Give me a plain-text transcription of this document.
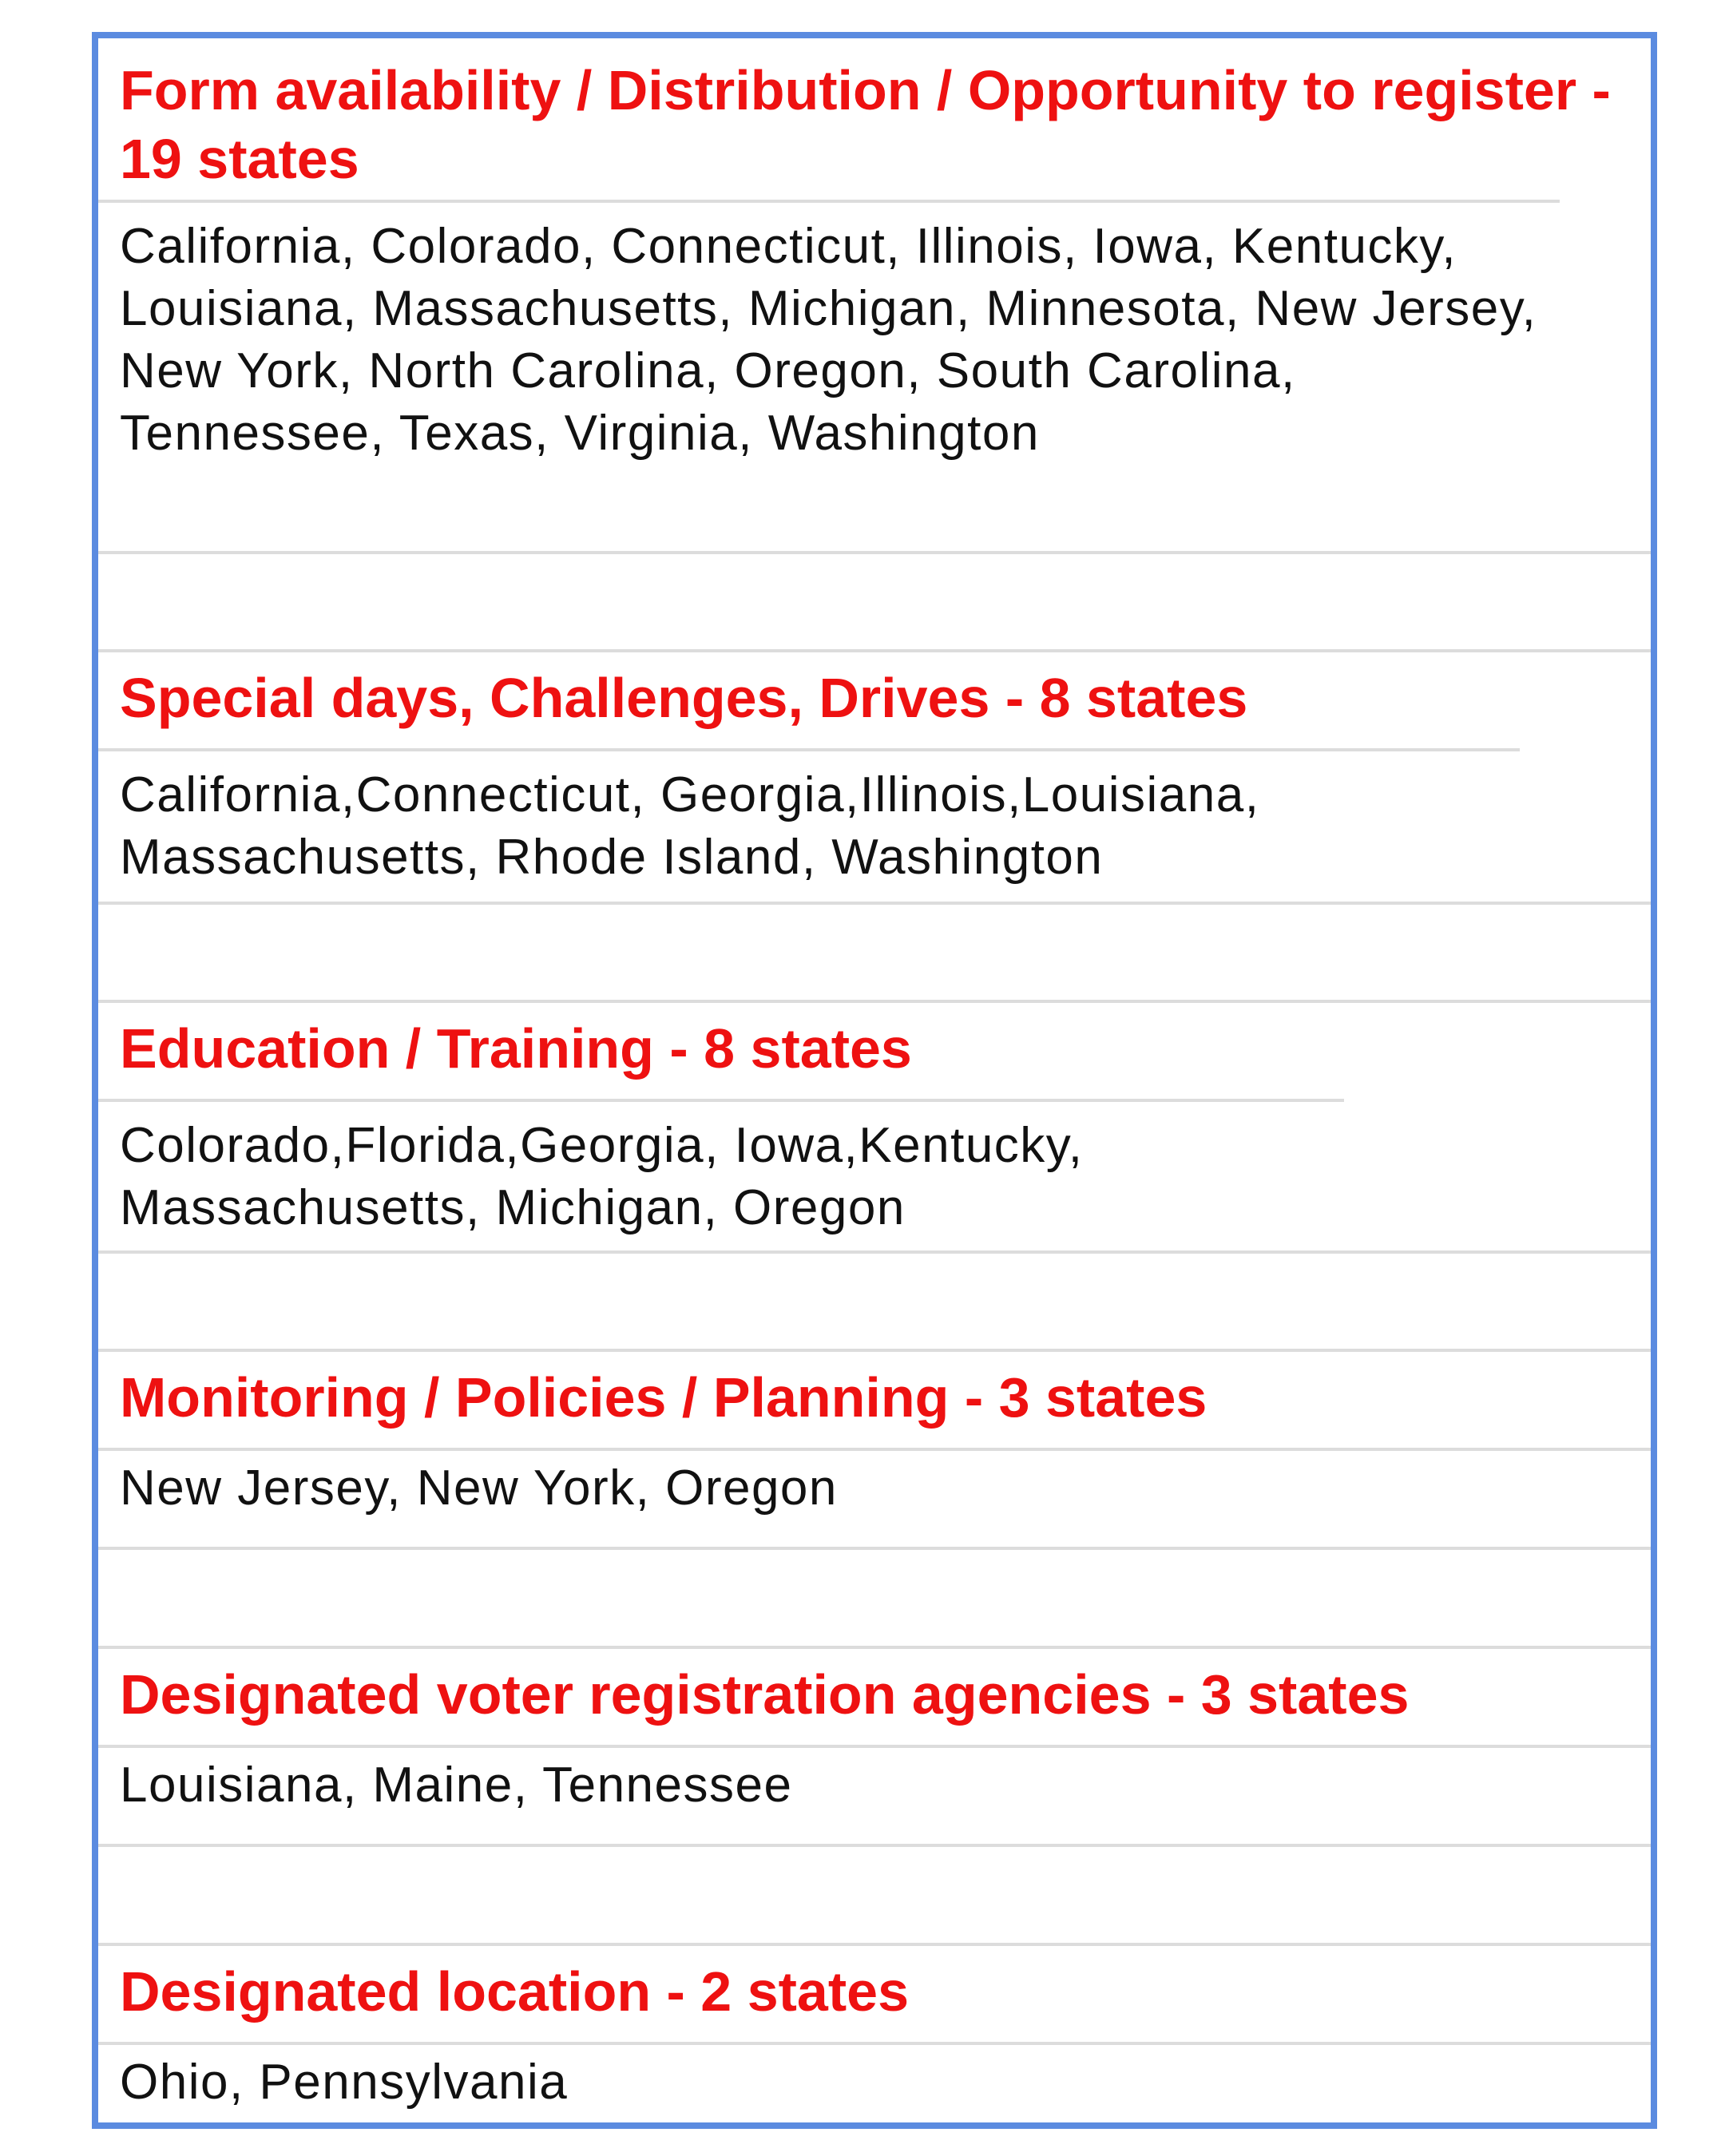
Form availability / Distribution / Opportunity to register - 19 states
California, Colorado, Connecticut, Illinois, Iowa, Kentucky, Louisiana, Massachusetts, Michigan, Minnesota, New Jersey, New York, North Carolina, Oregon, South Carolina, Tennessee, Texas, Virginia, Washington
Special days, Challenges, Drives - 8 states
California,Connecticut, Georgia,Illinois,Louisiana, Massachusetts, Rhode Island, Washington
Education / Training - 8 states
Colorado,Florida,Georgia, Iowa,Kentucky, Massachusetts, Michigan, Oregon
Monitoring / Policies / Planning - 3 states
New Jersey, New York, Oregon
Designated voter registration agencies - 3 states
Louisiana, Maine, Tennessee
Designated location - 2 states
Ohio, Pennsylvania
